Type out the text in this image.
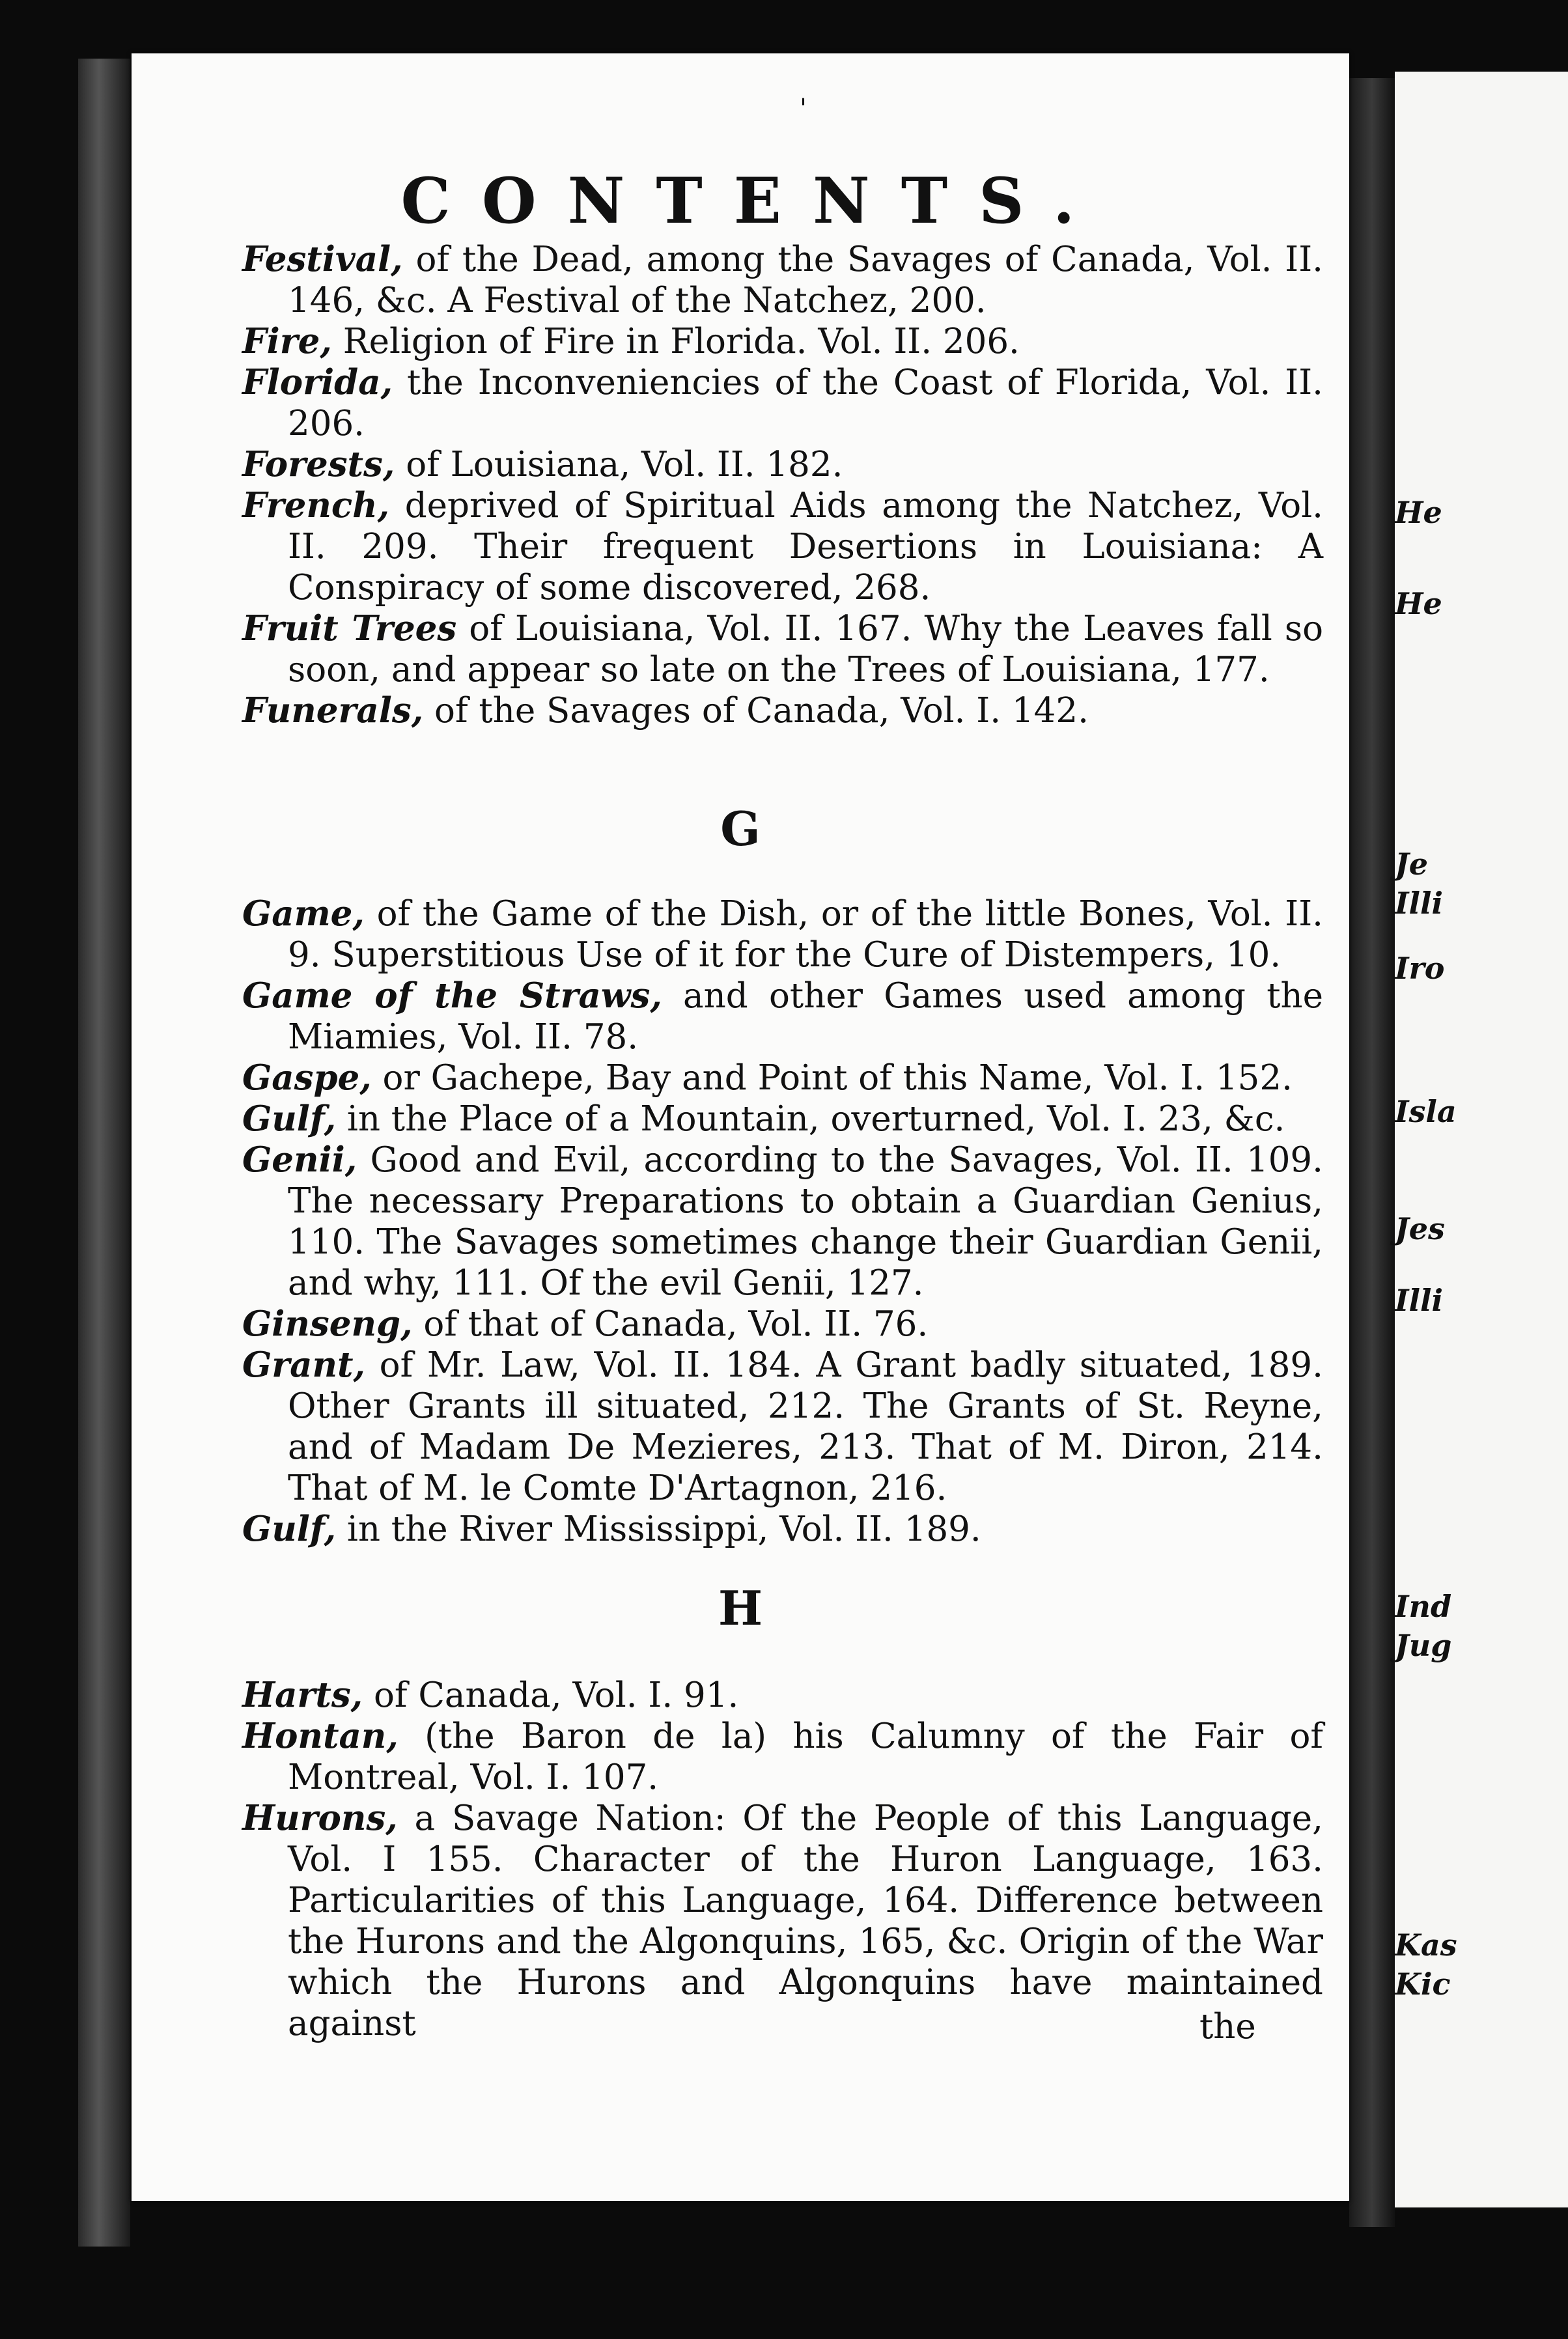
'
CONTENTS.

Festival, of the Dead, among the Savages of Canada, Vol. II. 146, &c. A Festival of the Natchez, 200.

Fire, Religion of Fire in Florida. Vol. II. 206.

Florida, the Inconveniencies of the Coast of Florida, Vol. II. 206.

Forests, of Louisiana, Vol. II. 182.

French, deprived of Spiritual Aids among the Natchez, Vol. II. 209. Their frequent Desertions in Louisiana: A Conspiracy of some discovered, 268.

Fruit Trees of Louisiana, Vol. II. 167. Why the Leaves fall so soon, and appear so late on the Trees of Louisiana, 177.

Funerals, of the Savages of Canada, Vol. I. 142.

G

Game, of the Game of the Dish, or of the little Bones, Vol. II. 9. Superstitious Use of it for the Cure of Distempers, 10.

Game of the Straws, and other Games used among the Miamies, Vol. II. 78.

Gaspe, or Gachepe, Bay and Point of this Name, Vol. I. 152.

Gulf, in the Place of a Mountain, overturned, Vol. I. 23, &c.

Genii, Good and Evil, according to the Savages, Vol. II. 109. The necessary Preparations to obtain a Guardian Genius, 110. The Savages sometimes change their Guardian Genii, and why, 111. Of the evil Genii, 127.

Ginseng, of that of Canada, Vol. II. 76.

Grant, of Mr. Law, Vol. II. 184. A Grant badly situated, 189. Other Grants ill situated, 212. The Grants of St. Reyne, and of Madam De Mezieres, 213. That of M. Diron, 214. That of M. le Comte D'Artagnon, 216.

Gulf, in the River Mississippi, Vol. II. 189.

H

Harts, of Canada, Vol. I. 91.

Hontan, (the Baron de la) his Calumny of the Fair of Montreal, Vol. I. 107.

Hurons, a Savage Nation: Of the People of this Language, Vol. I 155. Character of the Huron Language, 163. Particularities of this Language, 164. Difference between the Hurons and the Algonquins, 165, &c. Origin of the War which the Hurons and Algonquins have maintained against	the
He
He
Je
Illi
Iro
Isla
Jes
Illi
Ind
Jug
Kas
Kic
